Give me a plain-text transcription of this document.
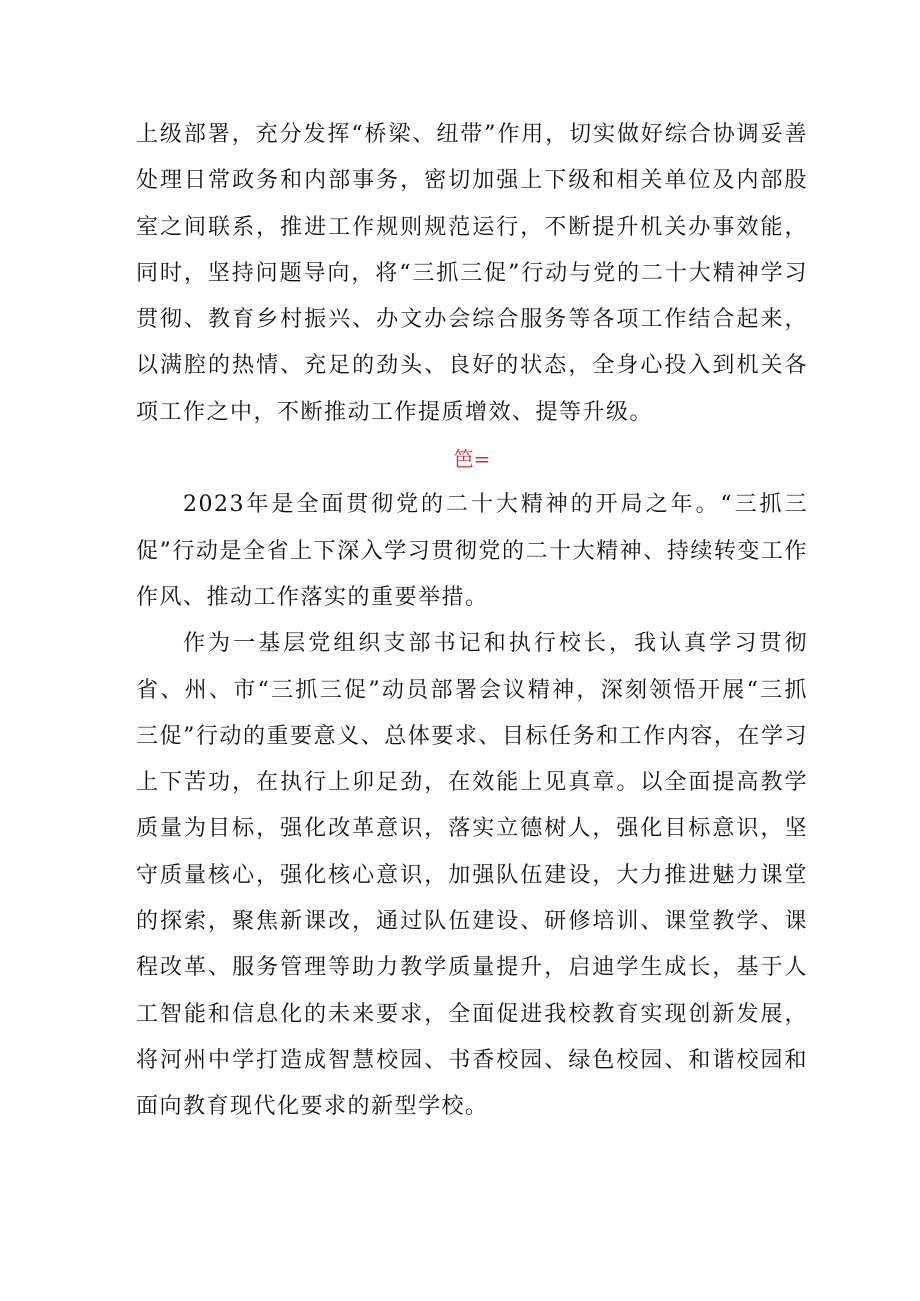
上级部署，充分发挥“桥梁、纽带”作用，切实做好综合协调妥善处理日常政务和内部事务，密切加强上下级和相关单位及内部股室之间联系，推进工作规则规范运行，不断提升机关办事效能，同时，坚持问题导向，将“三抓三促”行动与党的二十大精神学习贯彻、教育乡村振兴、办文办会综合服务等各项工作结合起来，以满腔的热情、充足的劲头、良好的状态，全身心投入到机关各项工作之中，不断推动工作提质增效、提等升级。

笆=

2023年是全面贯彻党的二十大精神的开局之年。“三抓三促”行动是全省上下深入学习贯彻党的二十大精神、持续转变工作作风、推动工作落实的重要举措。

作为一基层党组织支部书记和执行校长，我认真学习贯彻省、州、市“三抓三促”动员部署会议精神，深刻领悟开展“三抓三促”行动的重要意义、总体要求、目标任务和工作内容，在学习上下苦功，在执行上卯足劲，在效能上见真章。以全面提高教学质量为目标，强化改革意识，落实立德树人，强化目标意识，坚守质量核心，强化核心意识，加强队伍建设，大力推进魅力课堂的探索，聚焦新课改，通过队伍建设、研修培训、课堂教学、课程改革、服务管理等助力教学质量提升，启迪学生成长，基于人工智能和信息化的未来要求，全面促进我校教育实现创新发展，将河州中学打造成智慧校园、书香校园、绿色校园、和谐校园和面向教育现代化要求的新型学校。
